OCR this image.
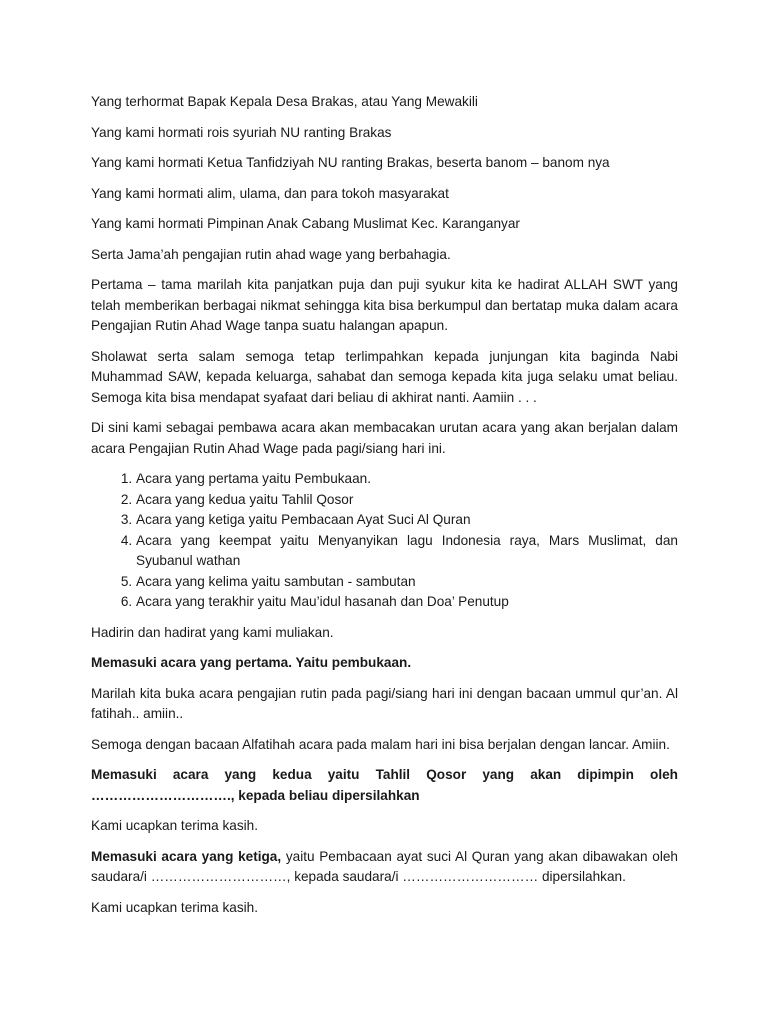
Yang terhormat Bapak Kepala Desa Brakas, atau Yang Mewakili

Yang kami hormati rois syuriah NU ranting Brakas

Yang kami hormati Ketua Tanfidziyah NU ranting Brakas, beserta banom – banom nya

Yang kami hormati alim, ulama, dan para tokoh masyarakat

Yang kami hormati Pimpinan Anak Cabang Muslimat Kec. Karanganyar

Serta Jama’ah pengajian rutin ahad wage yang berbahagia.

Pertama – tama marilah kita panjatkan puja dan puji syukur kita ke hadirat ALLAH SWT yang telah memberikan berbagai nikmat sehingga kita bisa berkumpul dan bertatap muka dalam acara Pengajian Rutin Ahad Wage tanpa suatu halangan apapun.

Sholawat serta salam semoga tetap terlimpahkan kepada junjungan kita baginda Nabi Muhammad SAW, kepada keluarga, sahabat dan semoga kepada kita juga selaku umat beliau. Semoga kita bisa mendapat syafaat dari beliau di akhirat nanti. Aamiin . . .

Di sini kami sebagai pembawa acara akan membacakan urutan acara yang akan berjalan dalam acara Pengajian Rutin Ahad Wage pada pagi/siang hari ini.

1. Acara yang pertama yaitu Pembukaan.
2. Acara yang kedua yaitu Tahlil Qosor
3. Acara yang ketiga yaitu Pembacaan Ayat Suci Al Quran
4. Acara yang keempat yaitu Menyanyikan lagu Indonesia raya, Mars Muslimat, dan Syubanul wathan
5. Acara yang kelima yaitu sambutan - sambutan
6. Acara yang terakhir yaitu Mau’idul hasanah dan Doa’ Penutup

Hadirin dan hadirat yang kami muliakan.

Memasuki acara yang pertama. Yaitu pembukaan.

Marilah kita buka acara pengajian rutin pada pagi/siang hari ini dengan bacaan ummul qur’an. Al fatihah.. amiin..

Semoga dengan bacaan Alfatihah acara pada malam hari ini bisa berjalan dengan lancar. Amiin.

Memasuki acara yang kedua yaitu Tahlil Qosor yang akan dipimpin oleh …………………………., kepada beliau dipersilahkan

Kami ucapkan terima kasih.

Memasuki acara yang ketiga, yaitu Pembacaan ayat suci Al Quran yang akan dibawakan oleh saudara/i …………………………, kepada saudara/i ………………………… dipersilahkan.

Kami ucapkan terima kasih.
